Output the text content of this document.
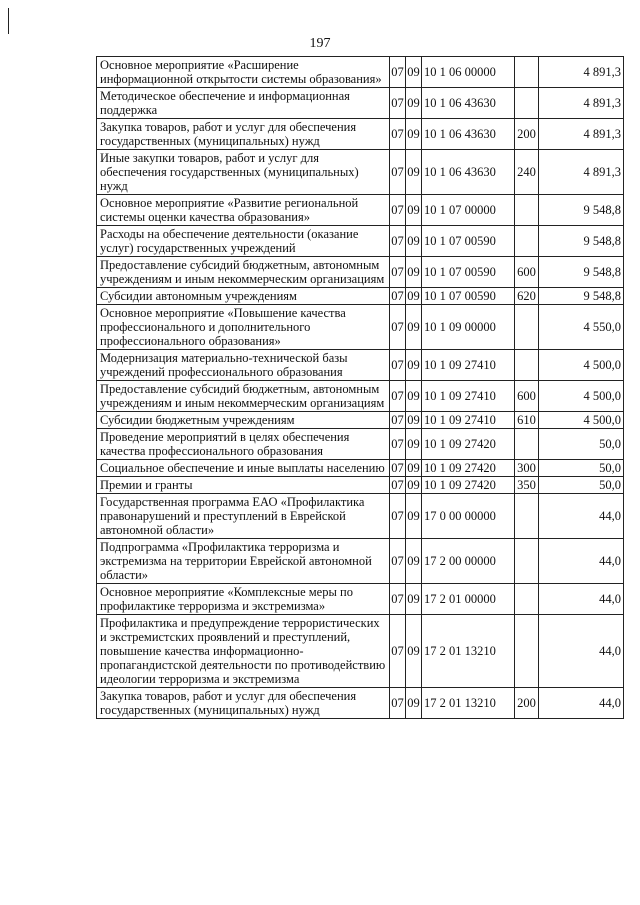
197
Основное мероприятие «Расширение информационной открытости системы образования»	07	09	10 1 06 00000		4 891,3
Методическое обеспечение и информационная поддержка	07	09	10 1 06 43630		4 891,3
Закупка товаров, работ и услуг для обеспечения государственных (муниципальных) нужд	07	09	10 1 06 43630	200	4 891,3
Иные закупки товаров, работ и услуг для обеспечения государственных (муниципальных) нужд	07	09	10 1 06 43630	240	4 891,3
Основное мероприятие «Развитие региональной системы оценки качества образования»	07	09	10 1 07 00000		9 548,8
Расходы на обеспечение деятельности (оказание услуг) государственных учреждений	07	09	10 1 07 00590		9 548,8
Предоставление субсидий бюджетным, автономным учреждениям и иным некоммерческим организациям	07	09	10 1 07 00590	600	9 548,8
Субсидии автономным учреждениям	07	09	10 1 07 00590	620	9 548,8
Основное мероприятие «Повышение качества профессионального и дополнительного профессионального образования»	07	09	10 1 09 00000		4 550,0
Модернизация материально-технической базы учреждений профессионального образования	07	09	10 1 09 27410		4 500,0
Предоставление субсидий бюджетным, автономным учреждениям и иным некоммерческим организациям	07	09	10 1 09 27410	600	4 500,0
Субсидии бюджетным учреждениям	07	09	10 1 09 27410	610	4 500,0
Проведение мероприятий в целях обеспечения качества профессионального образования	07	09	10 1 09 27420		50,0
Социальное обеспечение и иные выплаты населению	07	09	10 1 09 27420	300	50,0
Премии и гранты	07	09	10 1 09 27420	350	50,0
Государственная программа ЕАО «Профилактика правонарушений и преступлений в Еврейской автономной области»	07	09	17 0 00 00000		44,0
Подпрограмма «Профилактика терроризма и экстремизма на территории Еврейской автономной области»	07	09	17 2 00 00000		44,0
Основное мероприятие «Комплексные меры по профилактике терроризма и экстремизма»	07	09	17 2 01 00000		44,0
Профилактика и предупреждение террористических и экстремистских проявлений и преступлений, повышение качества информационно-пропагандистской деятельности по противодействию идеологии терроризма и экстремизма	07	09	17 2 01 13210		44,0
Закупка товаров, работ и услуг для обеспечения государственных (муниципальных) нужд	07	09	17 2 01 13210	200	44,0
